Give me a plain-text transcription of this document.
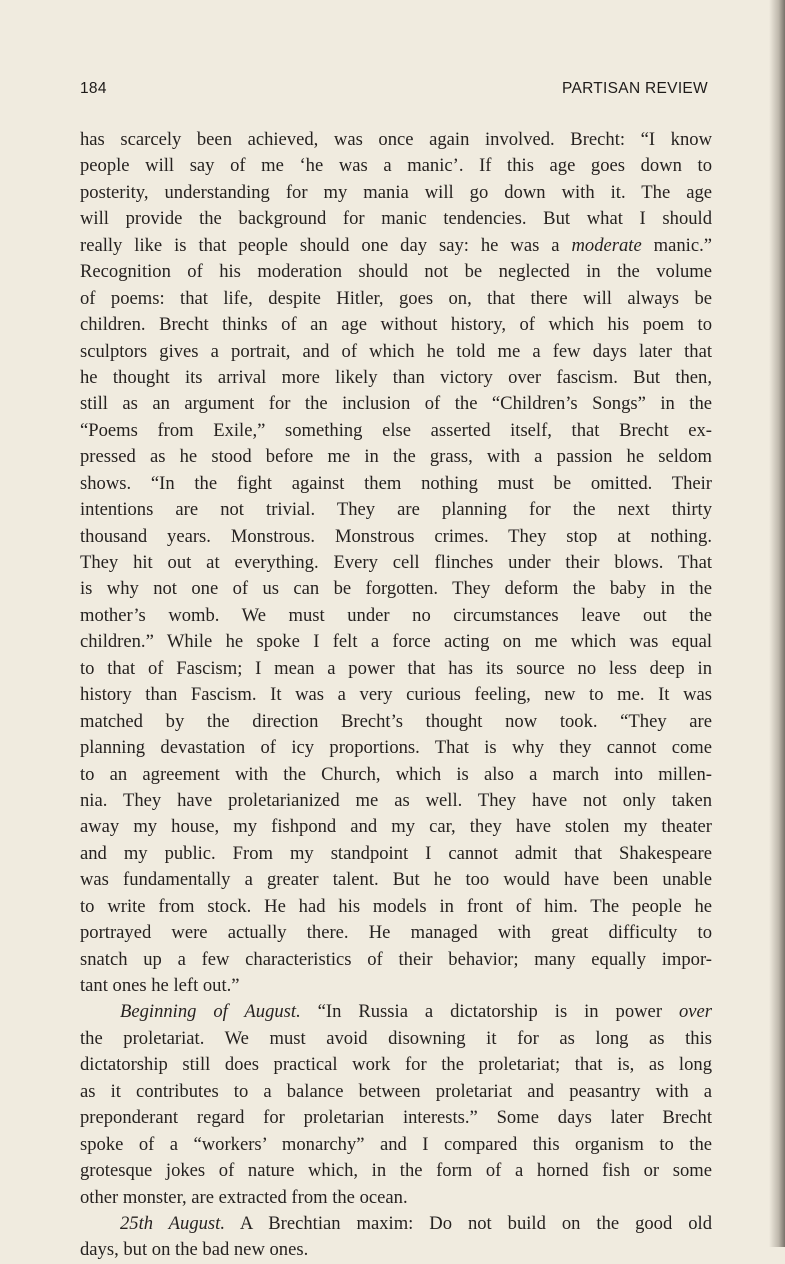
184	PARTISAN REVIEW
has scarcely been achieved, was once again involved. Brecht: “I know
people will say of me ‘he was a manic’. If this age goes down to
posterity, understanding for my mania will go down with it. The age
will provide the background for manic tendencies. But what I should
really like is that people should one day say: he was a moderate manic.”
Recognition of his moderation should not be neglected in the volume
of poems: that life, despite Hitler, goes on, that there will always be
children. Brecht thinks of an age without history, of which his poem to
sculptors gives a portrait, and of which he told me a few days later that
he thought its arrival more likely than victory over fascism. But then,
still as an argument for the inclusion of the “Children’s Songs” in the
“Poems from Exile,” something else asserted itself, that Brecht ex-
pressed as he stood before me in the grass, with a passion he seldom
shows. “In the fight against them nothing must be omitted. Their
intentions are not trivial. They are planning for the next thirty
thousand years. Monstrous. Monstrous crimes. They stop at nothing.
They hit out at everything. Every cell flinches under their blows. That
is why not one of us can be forgotten. They deform the baby in the
mother’s womb. We must under no circumstances leave out the
children.” While he spoke I felt a force acting on me which was equal
to that of Fascism; I mean a power that has its source no less deep in
history than Fascism. It was a very curious feeling, new to me. It was
matched by the direction Brecht’s thought now took. “They are
planning devastation of icy proportions. That is why they cannot come
to an agreement with the Church, which is also a march into millen-
nia. They have proletarianized me as well. They have not only taken
away my house, my fishpond and my car, they have stolen my theater
and my public. From my standpoint I cannot admit that Shakespeare
was fundamentally a greater talent. But he too would have been unable
to write from stock. He had his models in front of him. The people he
portrayed were actually there. He managed with great difficulty to
snatch up a few characteristics of their behavior; many equally impor-
tant ones he left out.”
Beginning of August. “In Russia a dictatorship is in power over
the proletariat. We must avoid disowning it for as long as this
dictatorship still does practical work for the proletariat; that is, as long
as it contributes to a balance between proletariat and peasantry with a
preponderant regard for proletarian interests.” Some days later Brecht
spoke of a “workers’ monarchy” and I compared this organism to the
grotesque jokes of nature which, in the form of a horned fish or some
other monster, are extracted from the ocean.
25th August. A Brechtian maxim: Do not build on the good old
days, but on the bad new ones.
